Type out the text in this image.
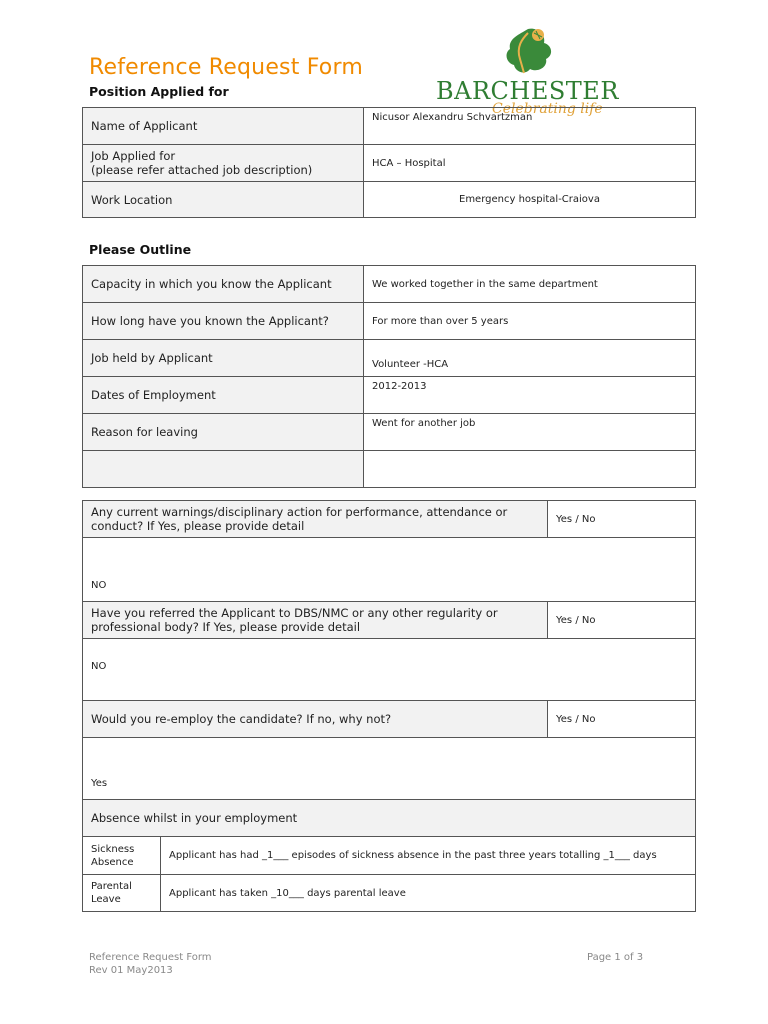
Reference Request Form
Position Applied for	BARCHESTER
Celebrating life
Name of Applicant	Nicusor Alexandru Schvartzman

Job Applied for
(please refer attached job description)	HCA – Hospital
Work Location	Emergency hospital-Craiova
Please Outline
Capacity in which you know the Applicant	We worked together in the same department
How long have you known the Applicant?	For more than over 5 years
Job held by Applicant	Volunteer -HCA
Dates of Employment	2012-2013
Reason for leaving	Went for another job

Any current warnings/disciplinary action for performance, attendance or conduct? If Yes, please provide detail		Yes / No
NO		
Have you referred the Applicant to DBS/NMC or any other regularity or professional body? If Yes, please provide detail		Yes / No
NO		
Would you re-employ the candidate? If no, why not?		Yes / No
Yes		
Absence whilst in your employment		

Sickness
Absence	Applicant has had _1___ episodes of sickness absence in the past three years totalling _1___ days	

Parental
Leave	Applicant has taken _10___ days parental leave	
Reference Request Form
Rev 01 May2013
Page 1 of 3
